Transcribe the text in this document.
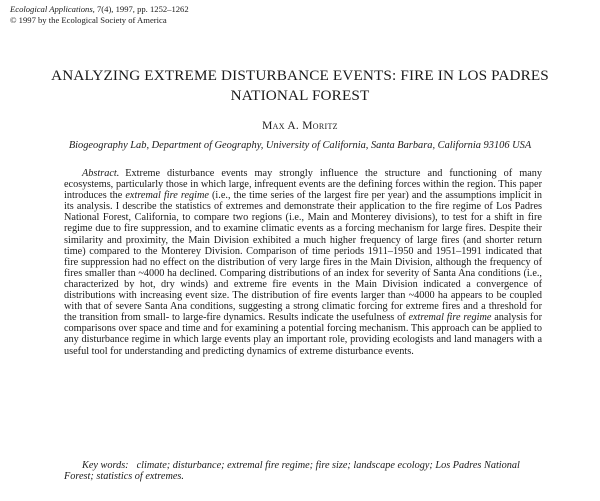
Ecological Applications, 7(4), 1997, pp. 1252–1262
© 1997 by the Ecological Society of America
ANALYZING EXTREME DISTURBANCE EVENTS: FIRE IN LOS PADRES
NATIONAL FOREST
Max A. Moritz
Biogeography Lab, Department of Geography, University of California, Santa Barbara, California 93106 USA

Abstract. Extreme disturbance events may strongly influence the structure and functioning of many ecosystems, particularly those in which large, infrequent events are the defining forces within the region. This paper introduces the extremal fire regime (i.e., the time series of the largest fire per year) and the assumptions implicit in its analysis. I describe the statistics of extremes and demonstrate their application to the fire regime of Los Padres National Forest, California, to compare two regions (i.e., Main and Monterey divisions), to test for a shift in fire regime due to fire suppression, and to examine climatic events as a forcing mechanism for large fires. Despite their similarity and proximity, the Main Division exhibited a much higher frequency of large fires (and shorter return time) compared to the Monterey Division. Comparison of time periods 1911–1950 and 1951–1991 indicated that fire suppression had no effect on the distribution of very large fires in the Main Division, although the frequency of fires smaller than ~4000 ha declined. Comparing distributions of an index for severity of Santa Ana conditions (i.e., characterized by hot, dry winds) and extreme fire events in the Main Division indicated a convergence of distributions with increasing event size. The distribution of fire events larger than ~4000 ha appears to be coupled with that of severe Santa Ana conditions, suggesting a strong climatic forcing for extreme fires and a threshold for the transition from small- to large-fire dynamics. Results indicate the usefulness of extremal fire regime analysis for comparisons over space and time and for examining a potential forcing mechanism. This approach can be applied to any disturbance regime in which large events play an important role, providing ecologists and land managers with a useful tool for understanding and predicting dynamics of extreme disturbance events.

Key words: climate; disturbance; extremal fire regime; fire size; landscape ecology; Los Padres National Forest; statistics of extremes.
